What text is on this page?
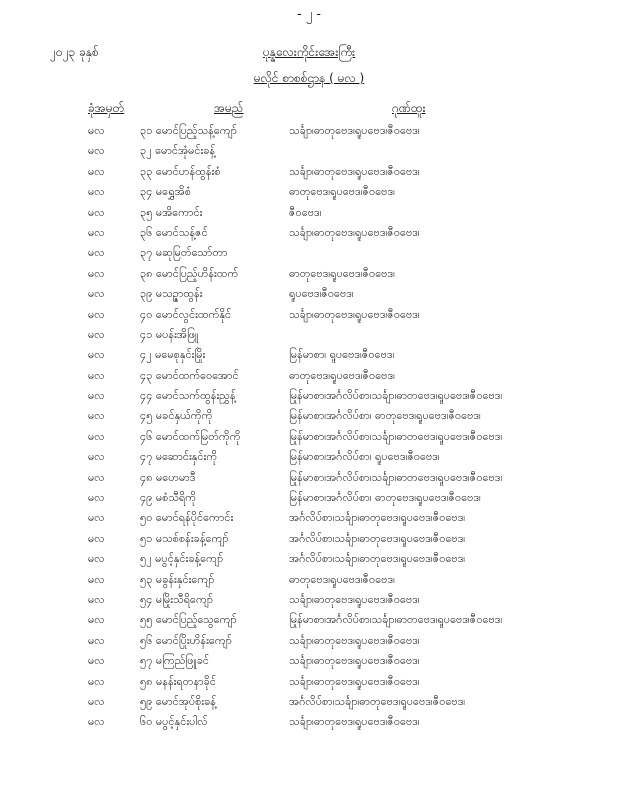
- ၂ -
၂၀၂၃ ခုနှစ်	ပုန္နလေးကိုင်းအေးကြီး
မလိုင် စာစစ်ဌာန ( မလ )
ခုံအမှတ်	အမည်	ဂုဏ်ထူး
မလ	၃၁ မောင်ပြည့်သန့်ကျော်	သင်္ချာ၊ဓာတုဗေဒ၊ရူပဗေဒ၊ဇီဝဗေဒ၊
မလ	၃၂ မောင်အုံမင်းခန့်
မလ	၃၃ မောင်ဟန်ထွန်းစံ	သင်္ချာ၊ဓာတုဗေဒ၊ရူပဗေဒ၊ဇီဝဗေဒ၊
မလ	၃၄ မရွှေအိစံ	ဓာတုဗေဒ၊ရူပဗေဒ၊ဇီဝဗေဒ၊
မလ	၃၅ မအိကောင်း	ဇီဝဗေဒ၊
မလ	၃၆ မောင်သန့်ဇင်	သင်္ချာ၊ဓာတုဗေဒ၊ရူပဗေဒ၊ဇီဝဗေဒ၊
မလ	၃၇ မဆုမြတ်သော်တာ
မလ	၃၈ မောင်ပြည့်ဟိန်းထက်	ဓာတုဗေဒ၊ရူပဗေဒ၊ဇီဝဗေဒ၊
မလ	၃၉ မသဉ္ဇာထွန်း	ရူပဗေဒ၊ဇီဝဗေဒ၊
မလ	၄၀ မောင်လွင်းထက်နိုင်	သင်္ချာ၊ဓာတုဗေဒ၊ရူပဗေဒ၊ဇီဝဗေဒ၊
မလ	၄၁ မပန်းအိဖြူ
မလ	၄၂ မမေစုနှင်းမြိုး	မြန်မာစာ၊ ရူပဗေဒ၊ဇီဝဗေဒ၊
မလ	၄၃ မောင်ထက်ဝေအောင်	ဓာတုဗေဒ၊ရူပဗေဒ၊ဇီဝဗေဒ၊
မလ	၄၄ မောင်သက်ထွန်းညွှန့်	မြန်မာစာ၊အင်္ဂလိပ်စာ၊သင်္ချာ၊ဓာတုဗေဒ၊ရူပဗေဒ၊ဇီဝဗေဒ၊
မလ	၄၅ မခင်နှယ်ကိုကို	မြန်မာစာ၊အင်္ဂလိပ်စာ၊ ဓာတုဗေဒ၊ရူပဗေဒ၊ဇီဝဗေဒ၊
မလ	၄၆ မောင်ထက်မြတ်ကိုကို	မြန်မာစာ၊အင်္ဂလိပ်စာ၊သင်္ချာ၊ဓာတုဗေဒ၊ရူပဗေဒ၊ဇီဝဗေဒ၊
မလ	၄၇ မဆောင်းနှင်းကို	မြန်မာစာ၊အင်္ဂလိပ်စာ၊ ရူပဗေဒ၊ဇီဝဗေဒ၊
မလ	၄၈ မဟေမာဒီ	မြန်မာစာ၊အင်္ဂလိပ်စာ၊သင်္ချာ၊ဓာတုဗေဒ၊ရူပဗေဒ၊ဇီဝဗေဒ၊
မလ	၄၉ မစံသီရိကို	မြန်မာစာ၊အင်္ဂလိပ်စာ၊ ဓာတုဗေဒ၊ရူပဗေဒ၊ဇီဝဗေဒ၊
မလ	၅၀ မောင်ရန်ပိုင်ကောင်း	အင်္ဂလိပ်စာ၊သင်္ချာ၊ဓာတုဗေဒ၊ရူပဗေဒ၊ဇီဝဗေဒ၊
မလ	၅၁ မသစ်စန်းခန့်ကျော်	အင်္ဂလိပ်စာ၊သင်္ချာ၊ဓာတုဗေဒ၊ရူပဗေဒ၊ဇီဝဗေဒ၊
မလ	၅၂ မပွင့်နှင်းခန့်ကျော်	အင်္ဂလိပ်စာ၊သင်္ချာ၊ဓာတုဗေဒ၊ရူပဗေဒ၊ဇီဝဗေဒ၊
မလ	၅၃ မခွန်းနှင်းကျော်	ဓာတုဗေဒ၊ရူပဗေဒ၊ဇီဝဗေဒ၊
မလ	၅၄ မမြိုးသီရိကျော်	သင်္ချာ၊ဓာတုဗေဒ၊ရူပဗေဒ၊ဇီဝဗေဒ၊
မလ	၅၅ မောင်ပြည့်သွေကျော်	မြန်မာစာ၊အင်္ဂလိပ်စာ၊သင်္ချာ၊ဓာတုဗေဒ၊ရူပဗေဒ၊ဇီဝဗေဒ၊
မလ	၅၆ မောင်ပြိုးဟိန်းကျော်	သင်္ချာ၊ဓာတုဗေဒ၊ရူပဗေဒ၊ဇီဝဗေဒ၊
မလ	၅၇ မကြည်ဖြူခင်	သင်္ချာ၊ဓာတုဗေဒ၊ရူပဗေဒ၊ဇီဝဗေဒ၊
မလ	၅၈ မနန်းရတနာခိုင်	သင်္ချာ၊ဓာတုဗေဒ၊ရူပဗေဒ၊ဇီဝဗေဒ၊
မလ	၅၉ မောင်အုပ်စိုးခန့်	အင်္ဂလိပ်စာ၊သင်္ချာ၊ဓာတုဗေဒ၊ရူပဗေဒ၊ဇီဝဗေဒ၊
မလ	၆၀ မပွင့်နှင်းပါလ်	သင်္ချာ၊ဓာတုဗေဒ၊ရူပဗေဒ၊ဇီဝဗေဒ၊
